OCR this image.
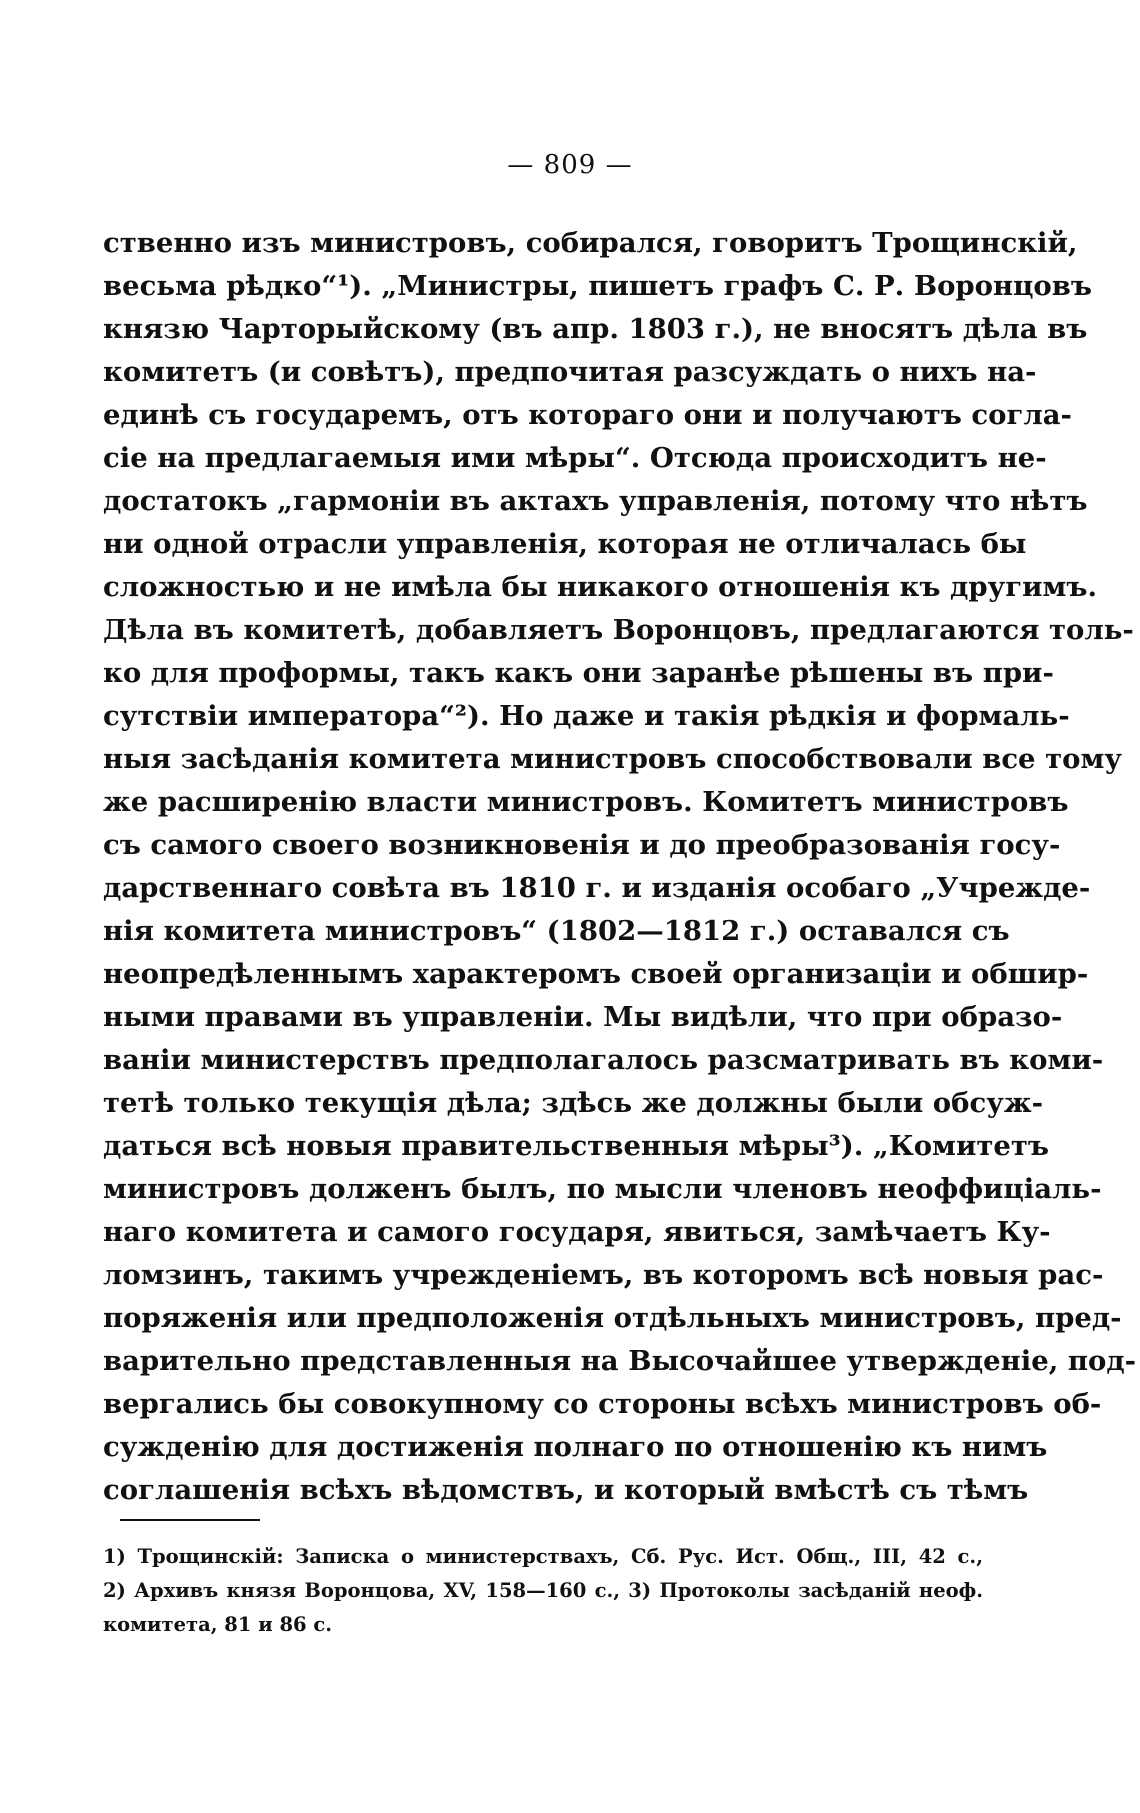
— 809 —
ственно изъ министровъ, собирался, говоритъ Трощинскій,
весьма рѣдко“¹). „Министры, пишетъ графъ С. Р. Воронцовъ
князю Чарторыйскому (въ апр. 1803 г.), не вносятъ дѣла въ
комитетъ (и совѣтъ), предпочитая разсуждать о нихъ на-
единѣ съ государемъ, отъ котораго они и получаютъ согла-
сіе на предлагаемыя ими мѣры“. Отсюда происходитъ не-
достатокъ „гармоніи въ актахъ управленія, потому что нѣтъ
ни одной отрасли управленія, которая не отличалась бы
сложностью и не имѣла бы никакого отношенія къ другимъ.
Дѣла въ комитетѣ, добавляетъ Воронцовъ, предлагаются толь-
ко для проформы, такъ какъ они заранѣе рѣшены въ при-
сутствіи императора“²). Но даже и такія рѣдкія и формаль-
ныя засѣданія комитета министровъ способствовали все тому
же расширенію власти министровъ. Комитетъ министровъ
съ самого своего возникновенія и до преобразованія госу-
дарственнаго совѣта въ 1810 г. и изданія особаго „Учрежде-
нія комитета министровъ“ (1802—1812 г.) оставался съ
неопредѣленнымъ характеромъ своей организаціи и обшир-
ными правами въ управленіи. Мы видѣли, что при образо-
ваніи министерствъ предполагалось разсматривать въ коми-
тетѣ только текущія дѣла; здѣсь же должны были обсуж-
даться всѣ новыя правительственныя мѣры³). „Комитетъ
министровъ долженъ былъ, по мысли членовъ неоффиціаль-
наго комитета и самого государя, явиться, замѣчаетъ Ку-
ломзинъ, такимъ учрежденіемъ, въ которомъ всѣ новыя рас-
поряженія или предположенія отдѣльныхъ министровъ, пред-
варительно представленныя на Высочайшее утвержденіе, под-
вергались бы совокупному со стороны всѣхъ министровъ об-
сужденію для достиженія полнаго по отношенію къ нимъ
соглашенія всѣхъ вѣдомствъ, и который вмѣстѣ съ тѣмъ
1) Трощинскій: Записка о министерствахъ, Сб. Рус. Ист. Общ., III, 42 с.,
2) Архивъ князя Воронцова, XV, 158—160 с., 3) Протоколы засѣданій неоф.
комитета, 81 и 86 с.
